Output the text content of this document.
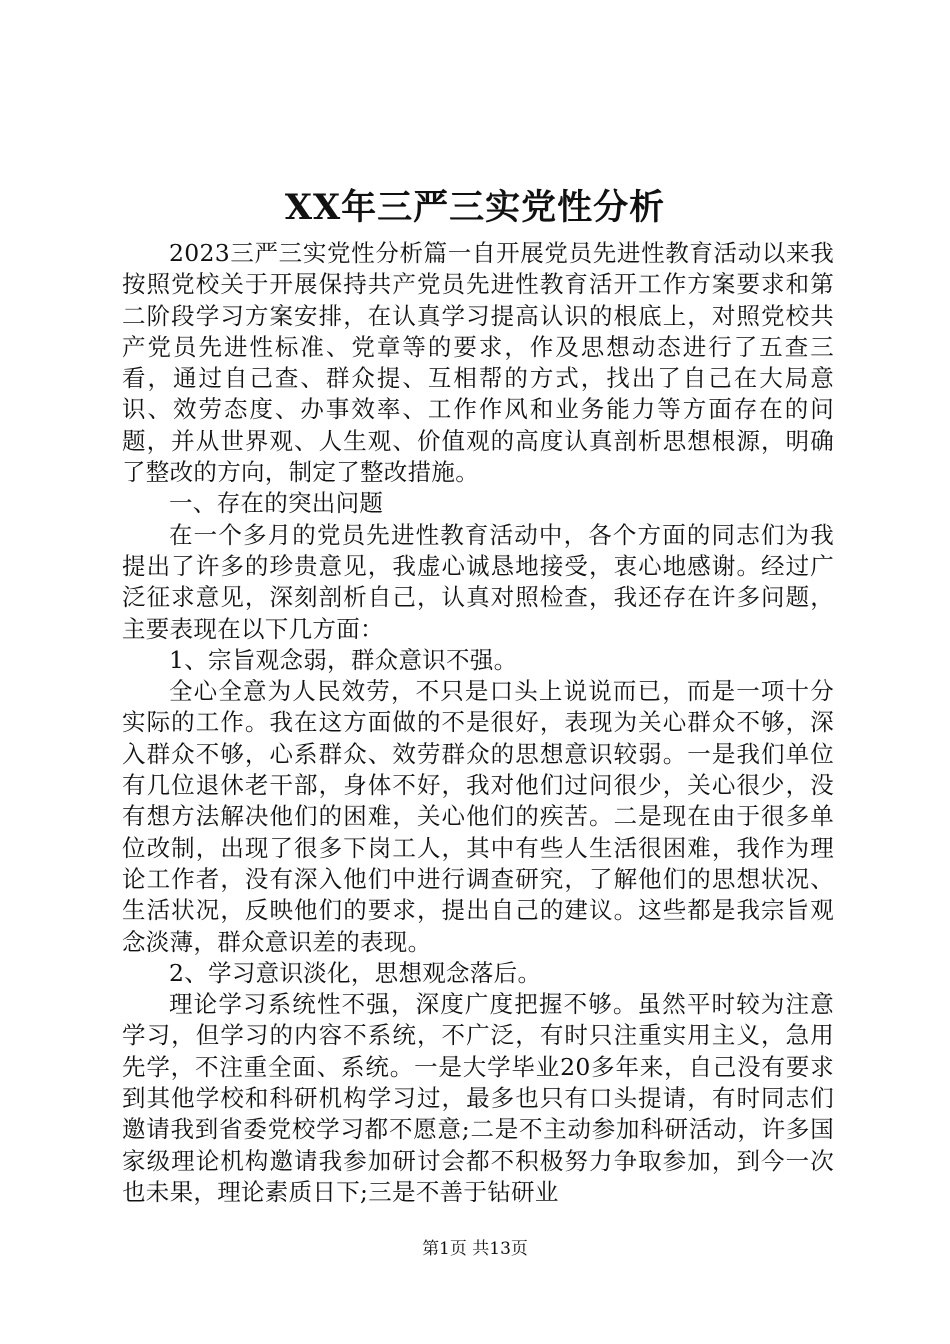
XX年三严三实党性分析

2023三严三实党性分析篇一自开展党员先进性教育活动以来我按照党校关于开展保持共产党员先进性教育活开工作方案要求和第二阶段学习方案安排，在认真学习提高认识的根底上，对照党校共产党员先进性标准、党章等的要求，作及思想动态进行了五查三看，通过自己查、群众提、互相帮的方式，找出了自己在大局意识、效劳态度、办事效率、工作作风和业务能力等方面存在的问题，并从世界观、人生观、价值观的高度认真剖析思想根源，明确了整改的方向，制定了整改措施。

一、存在的突出问题

在一个多月的党员先进性教育活动中，各个方面的同志们为我提出了许多的珍贵意见，我虚心诚恳地接受，衷心地感谢。经过广泛征求意见，深刻剖析自己，认真对照检查，我还存在许多问题，主要表现在以下几方面：

1、宗旨观念弱，群众意识不强。

全心全意为人民效劳，不只是口头上说说而已，而是一项十分实际的工作。我在这方面做的不是很好，表现为关心群众不够，深入群众不够，心系群众、效劳群众的思想意识较弱。一是我们单位有几位退休老干部，身体不好，我对他们过问很少，关心很少，没有想方法解决他们的困难，关心他们的疾苦。二是现在由于很多单位改制，出现了很多下岗工人，其中有些人生活很困难，我作为理论工作者，没有深入他们中进行调查研究，了解他们的思想状况、生活状况，反映他们的要求，提出自己的建议。这些都是我宗旨观念淡薄，群众意识差的表现。

2、学习意识淡化，思想观念落后。

理论学习系统性不强，深度广度把握不够。虽然平时较为注意学习，但学习的内容不系统，不广泛，有时只注重实用主义，急用先学，不注重全面、系统。一是大学毕业20多年来，自己没有要求到其他学校和科研机构学习过，最多也只有口头提请，有时同志们邀请我到省委党校学习都不愿意;二是不主动参加科研活动，许多国家级理论机构邀请我参加研讨会都不积极努力争取参加，到今一次也未果，理论素质日下;三是不善于钻研业

第1页 共13页
